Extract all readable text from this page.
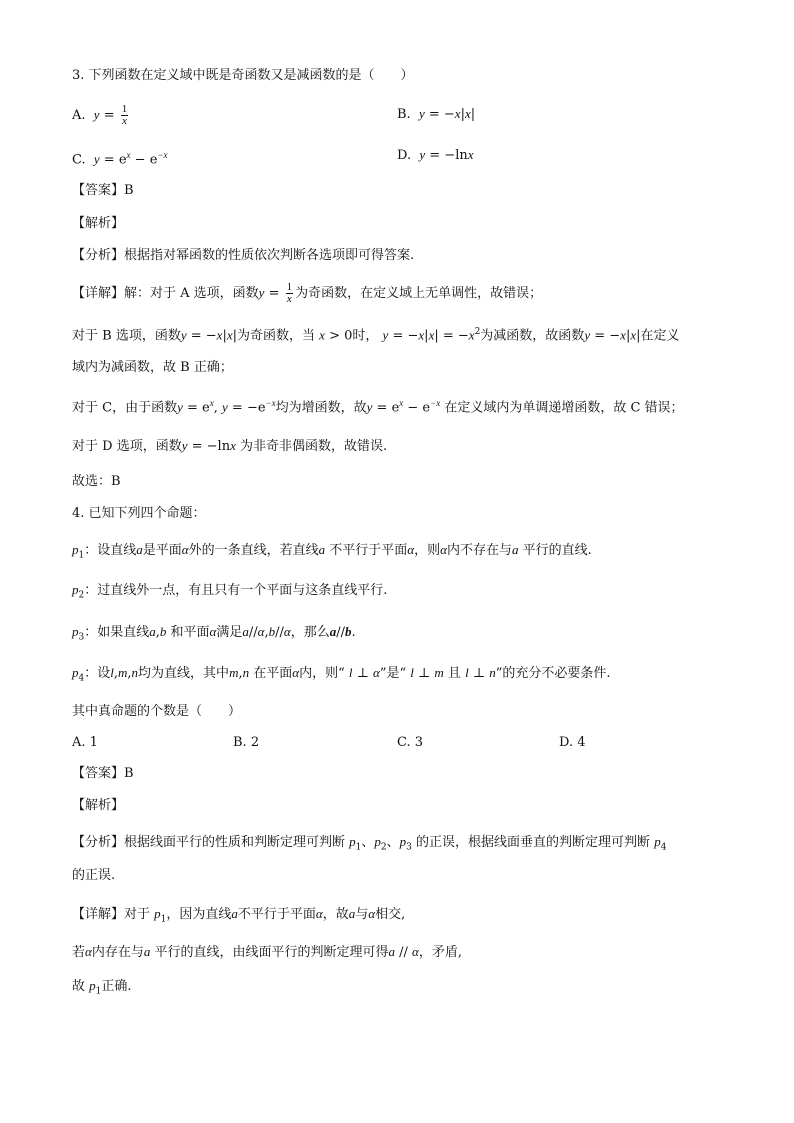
3. 下列函数在定义域中既是奇函数又是减函数的是（　　）
A. $y = \frac{1}{x}$	B. y = −x|x|
C. $y = e^x - e^{-x}$	D. y = −lnx
【答案】B
【解析】
【分析】根据指对幂函数的性质依次判断各选项即可得答案.
【详解】解：对于 A 选项，函数$y = \frac{1}{x}$ 为奇函数，在定义域上无单调性，故错误；
对于 B 选项，函数y = −x|x|为奇函数，当 x > 0时， $y = -x|x| = -x^2$为减函数，故函数y = −x|x|在定义
域内为减函数，故 B 正确；
对于 C，由于函数$y = e^x$, $y = -e^{-x}$均为增函数，故$y = e^x - e^{-x}$ 在定义域内为单调递增函数，故 C 错误；
对于 D 选项，函数y = −lnx 为非奇非偶函数，故错误.
故选：B
4. 已知下列四个命题：
$p_1$：设直线a是平面α外的一条直线，若直线a 不平行于平面α，则α内不存在与a 平行的直线.
$p_2$：过直线外一点，有且只有一个平面与这条直线平行.
$p_3$：如果直线a,b 和平面α满足a//α,b//α，那么a//b.
$p_4$：设l,m,n均为直线，其中m,n 在平面α内，则“ l ⊥ α”是“ l ⊥ m 且 l ⊥ n”的充分不必要条件.
其中真命题的个数是（　　）
A. 1	B. 2	C. 3	D. 4
【答案】B
【解析】
【分析】根据线面平行的性质和判断定理可判断 $p_1$、$p_2$、$p_3$ 的正误，根据线面垂直的判断定理可判断 $p_4$
的正误.
【详解】对于 $p_1$，因为直线a不平行于平面α，故a与α相交,
若α内存在与a 平行的直线，由线面平行的判断定理可得a // α，矛盾,
故 $p_1$正确.
